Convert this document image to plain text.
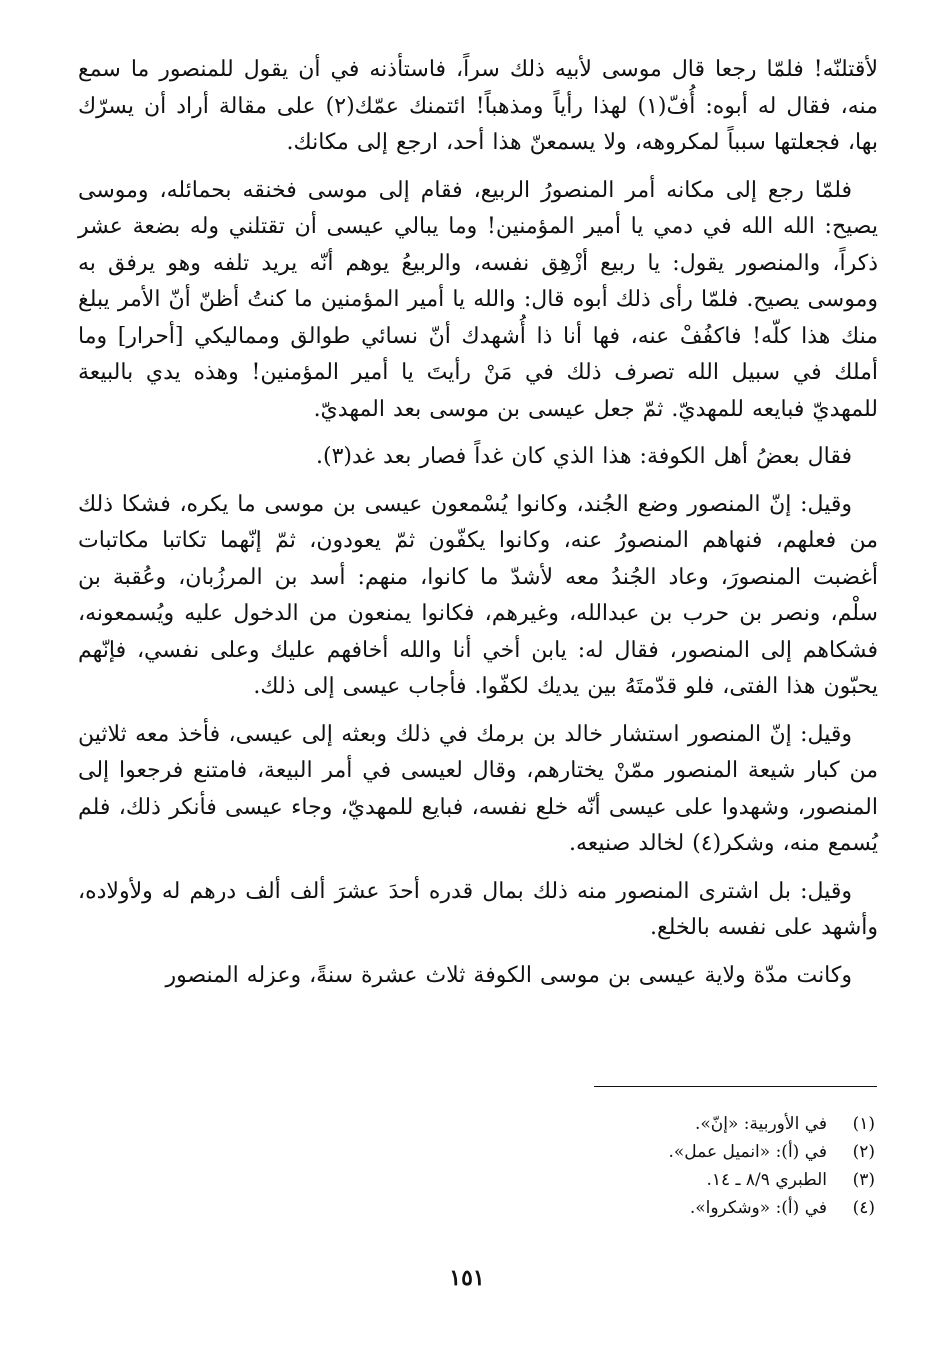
لأقتلنّه! فلمّا رجعا قال موسى لأبيه ذلك سراً، فاستأذنه في أن يقول للمنصور ما سمع منه، فقال له أبوه: أُفّ(١) لهذا رأياً ومذهباً! ائتمنك عمّك(٢) على مقالة أراد أن يسرّك بها، فجعلتها سبباً لمكروهه، ولا يسمعنّ هذا أحد، ارجع إلى مكانك.

فلمّا رجع إلى مكانه أمر المنصورُ الربيع، فقام إلى موسى فخنقه بحمائله، وموسى يصيح: الله الله في دمي يا أمير المؤمنين! وما يبالي عيسى أن تقتلني وله بضعة عشر ذكراً، والمنصور يقول: يا ربيع أزْهِق نفسه، والربيعُ يوهم أنّه يريد تلفه وهو يرفق به وموسى يصيح. فلمّا رأى ذلك أبوه قال: والله يا أمير المؤمنين ما كنتُ أظنّ أنّ الأمر يبلغ منك هذا كلّه! فاكفُفْ عنه، فها أنا ذا أُشهدك أنّ نسائي طوالق ومماليكي [أحرار] وما أملك في سبيل الله تصرف ذلك في مَنْ رأيتَ يا أمير المؤمنين! وهذه يدي بالبيعة للمهديّ فبايعه للمهديّ. ثمّ جعل عيسى بن موسى بعد المهديّ.

فقال بعضُ أهل الكوفة: هذا الذي كان غداً فصار بعد غد(٣).

وقيل: إنّ المنصور وضع الجُند، وكانوا يُسْمعون عيسى بن موسى ما يكره، فشكا ذلك من فعلهم، فنهاهم المنصورُ عنه، وكانوا يكفّون ثمّ يعودون، ثمّ إنّهما تكاتبا مكاتبات أغضبت المنصورَ، وعاد الجُندُ معه لأشدّ ما كانوا، منهم: أسد بن المرزُبان، وعُقبة بن سلْم، ونصر بن حرب بن عبدالله، وغيرهم، فكانوا يمنعون من الدخول عليه ويُسمعونه، فشكاهم إلى المنصور، فقال له: يابن أخي أنا والله أخافهم عليك وعلى نفسي، فإنّهم يحبّون هذا الفتى، فلو قدّمتَهُ بين يديك لكفّوا. فأجاب عيسى إلى ذلك.

وقيل: إنّ المنصور استشار خالد بن برمك في ذلك وبعثه إلى عيسى، فأخذ معه ثلاثين من كبار شيعة المنصور ممّنْ يختارهم، وقال لعيسى في أمر البيعة، فامتنع فرجعوا إلى المنصور، وشهدوا على عيسى أنّه خلع نفسه، فبايع للمهديّ، وجاء عيسى فأنكر ذلك، فلم يُسمع منه، وشكر(٤) لخالد صنيعه.

وقيل: بل اشترى المنصور منه ذلك بمال قدره أحدَ عشرَ ألف ألف درهم له ولأولاده، وأشهد على نفسه بالخلع.

وكانت مدّة ولاية عيسى بن موسى الكوفة ثلاث عشرة سنةً، وعزله المنصور

(١)
في الأوربية: «إنّ».
(٢)
في (أ): «انميل عمل».
(٣)
الطبري ٨/٩ ـ ١٤.
(٤)
في (أ): «وشكروا».
١٥١
